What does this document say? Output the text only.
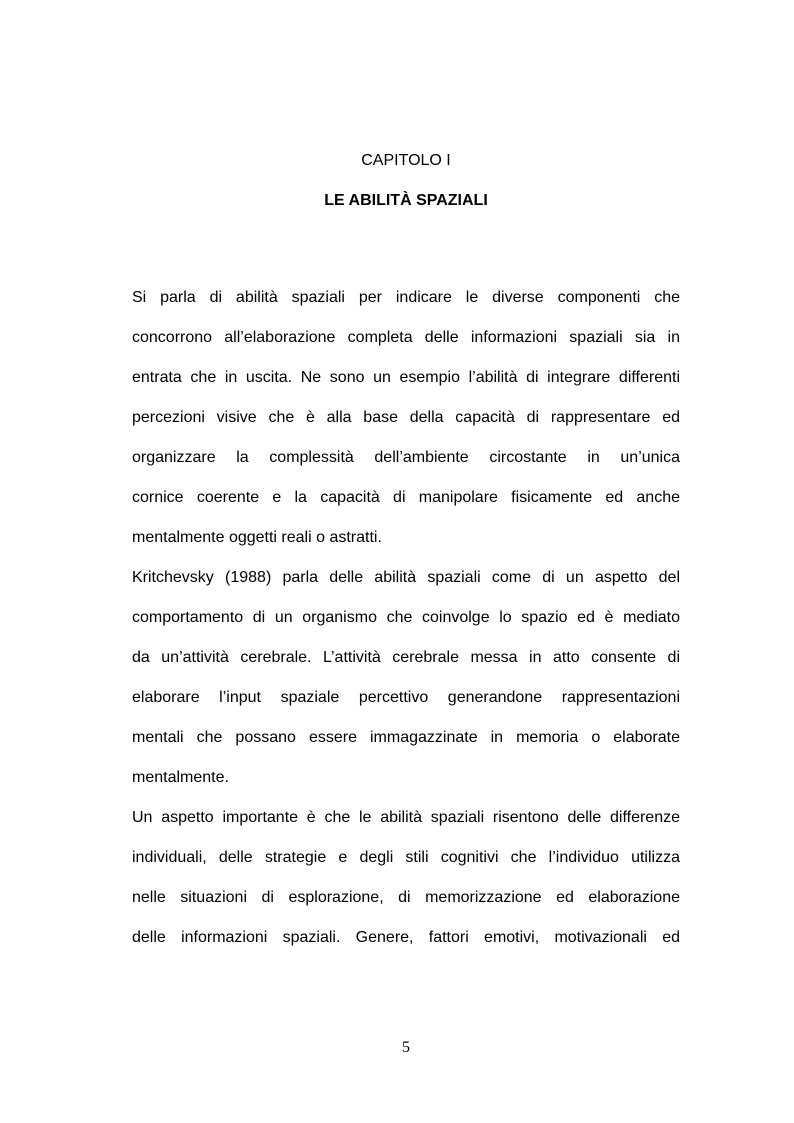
CAPITOLO I
LE ABILITÀ SPAZIALI
Si parla di abilità spaziali per indicare le diverse componenti che
concorrono all’elaborazione completa delle informazioni spaziali sia in
entrata che in uscita. Ne sono un esempio l’abilità di integrare differenti
percezioni visive che è alla base della capacità di rappresentare ed
organizzare la complessità dell’ambiente circostante in un’unica
cornice coerente e la capacità di manipolare fisicamente ed anche
mentalmente oggetti reali o astratti.
Kritchevsky (1988) parla delle abilità spaziali come di un aspetto del
comportamento di un organismo che coinvolge lo spazio ed è mediato
da un’attività cerebrale. L’attività cerebrale messa in atto consente di
elaborare l’input spaziale percettivo generandone rappresentazioni
mentali che possano essere immagazzinate in memoria o elaborate
mentalmente.
Un aspetto importante è che le abilità spaziali risentono delle differenze
individuali, delle strategie e degli stili cognitivi che l’individuo utilizza
nelle situazioni di esplorazione, di memorizzazione ed elaborazione
delle informazioni spaziali. Genere, fattori emotivi, motivazionali ed
5
